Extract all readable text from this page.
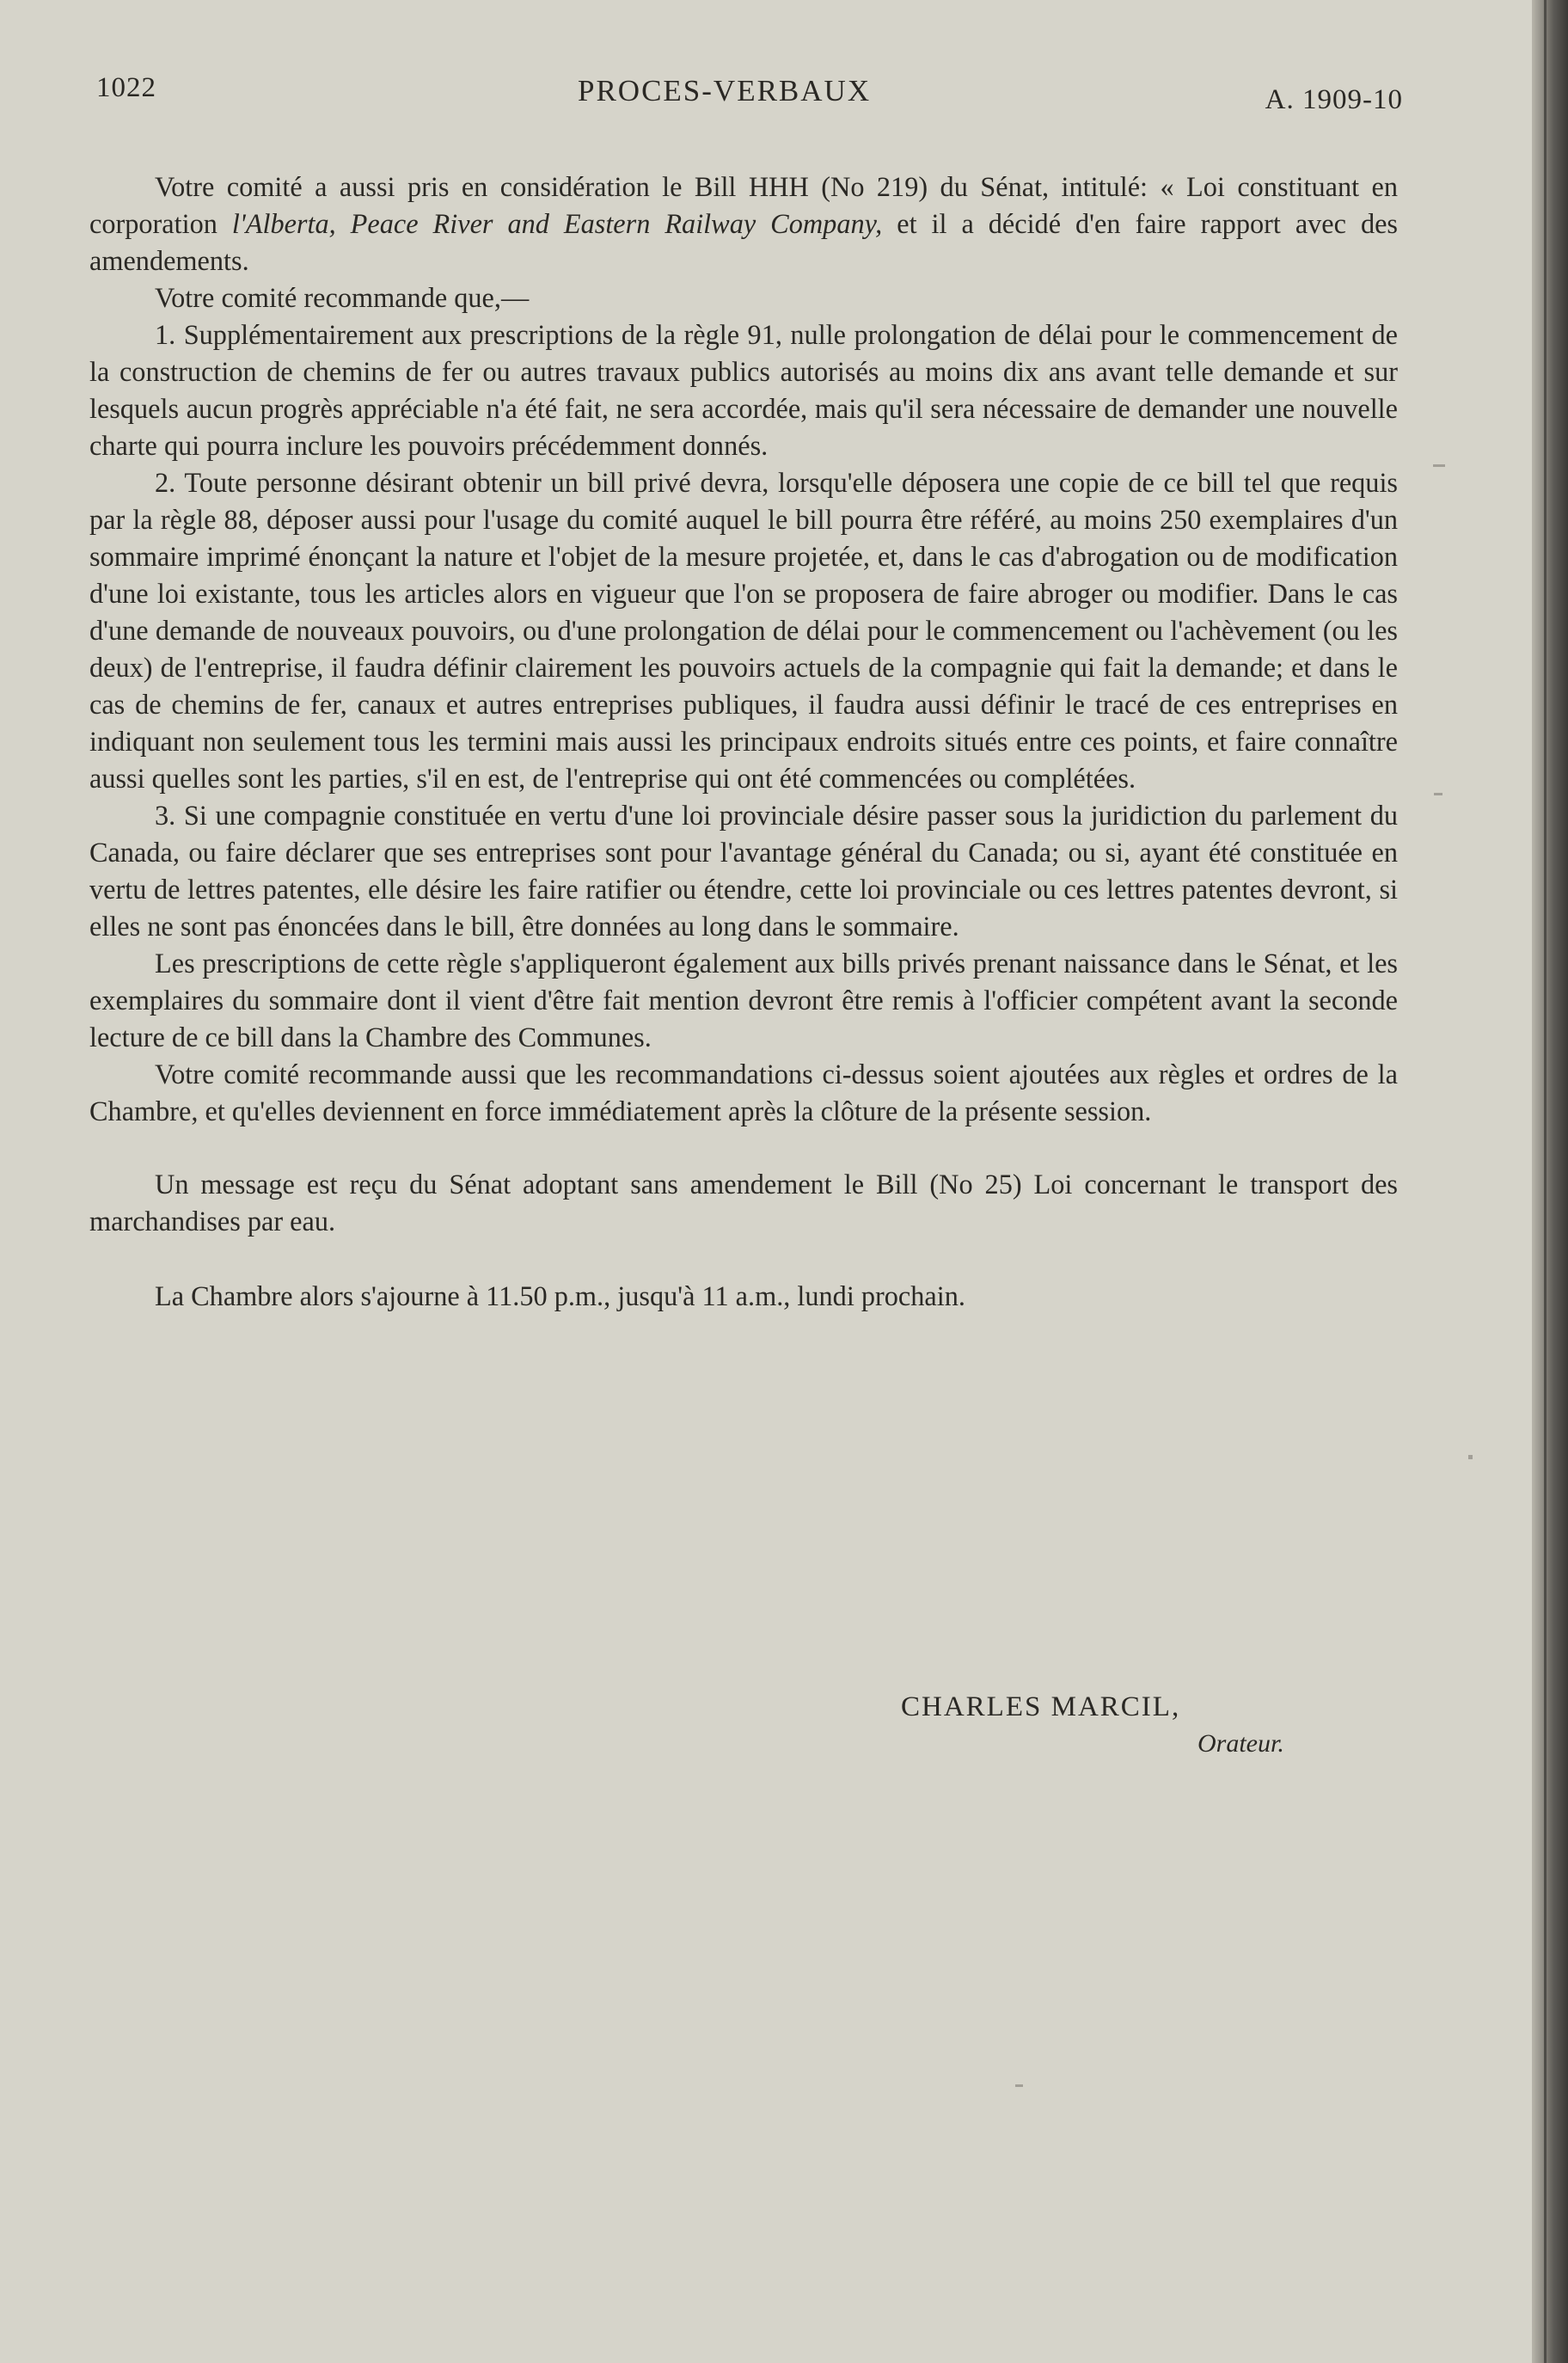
1022	PROCES-VERBAUX	A. 1909-10

Votre comité a aussi pris en considération le Bill HHH (No 219) du Sénat, intitulé: « Loi constituant en corporation l'Alberta, Peace River and Eastern Railway Company, et il a décidé d'en faire rapport avec des amendements.

Votre comité recommande que,—

1. Supplémentairement aux prescriptions de la règle 91, nulle prolongation de délai pour le commencement de la construction de chemins de fer ou autres travaux publics autorisés au moins dix ans avant telle demande et sur lesquels aucun progrès appréciable n'a été fait, ne sera accordée, mais qu'il sera nécessaire de demander une nouvelle charte qui pourra inclure les pouvoirs précédemment donnés.

2. Toute personne désirant obtenir un bill privé devra, lorsqu'elle déposera une copie de ce bill tel que requis par la règle 88, déposer aussi pour l'usage du comité auquel le bill pourra être référé, au moins 250 exemplaires d'un sommaire imprimé énonçant la nature et l'objet de la mesure projetée, et, dans le cas d'abrogation ou de modification d'une loi existante, tous les articles alors en vigueur que l'on se proposera de faire abroger ou modifier. Dans le cas d'une demande de nouveaux pouvoirs, ou d'une prolongation de délai pour le commencement ou l'achèvement (ou les deux) de l'entreprise, il faudra définir clairement les pouvoirs actuels de la compagnie qui fait la demande; et dans le cas de chemins de fer, canaux et autres entreprises publiques, il faudra aussi définir le tracé de ces entreprises en indiquant non seulement tous les termini mais aussi les principaux endroits situés entre ces points, et faire connaître aussi quelles sont les parties, s'il en est, de l'entreprise qui ont été commencées ou complétées.

3. Si une compagnie constituée en vertu d'une loi provinciale désire passer sous la juridiction du parlement du Canada, ou faire déclarer que ses entreprises sont pour l'avantage général du Canada; ou si, ayant été constituée en vertu de lettres patentes, elle désire les faire ratifier ou étendre, cette loi provinciale ou ces lettres patentes devront, si elles ne sont pas énoncées dans le bill, être données au long dans le sommaire.

Les prescriptions de cette règle s'appliqueront également aux bills privés prenant naissance dans le Sénat, et les exemplaires du sommaire dont il vient d'être fait mention devront être remis à l'officier compétent avant la seconde lecture de ce bill dans la Chambre des Communes.

Votre comité recommande aussi que les recommandations ci-dessus soient ajoutées aux règles et ordres de la Chambre, et qu'elles deviennent en force immédiatement après la clôture de la présente session.

Un message est reçu du Sénat adoptant sans amendement le Bill (No 25) Loi concernant le transport des marchandises par eau.

La Chambre alors s'ajourne à 11.50 p.m., jusqu'à 11 a.m., lundi prochain.

CHARLES MARCIL,
Orateur.
